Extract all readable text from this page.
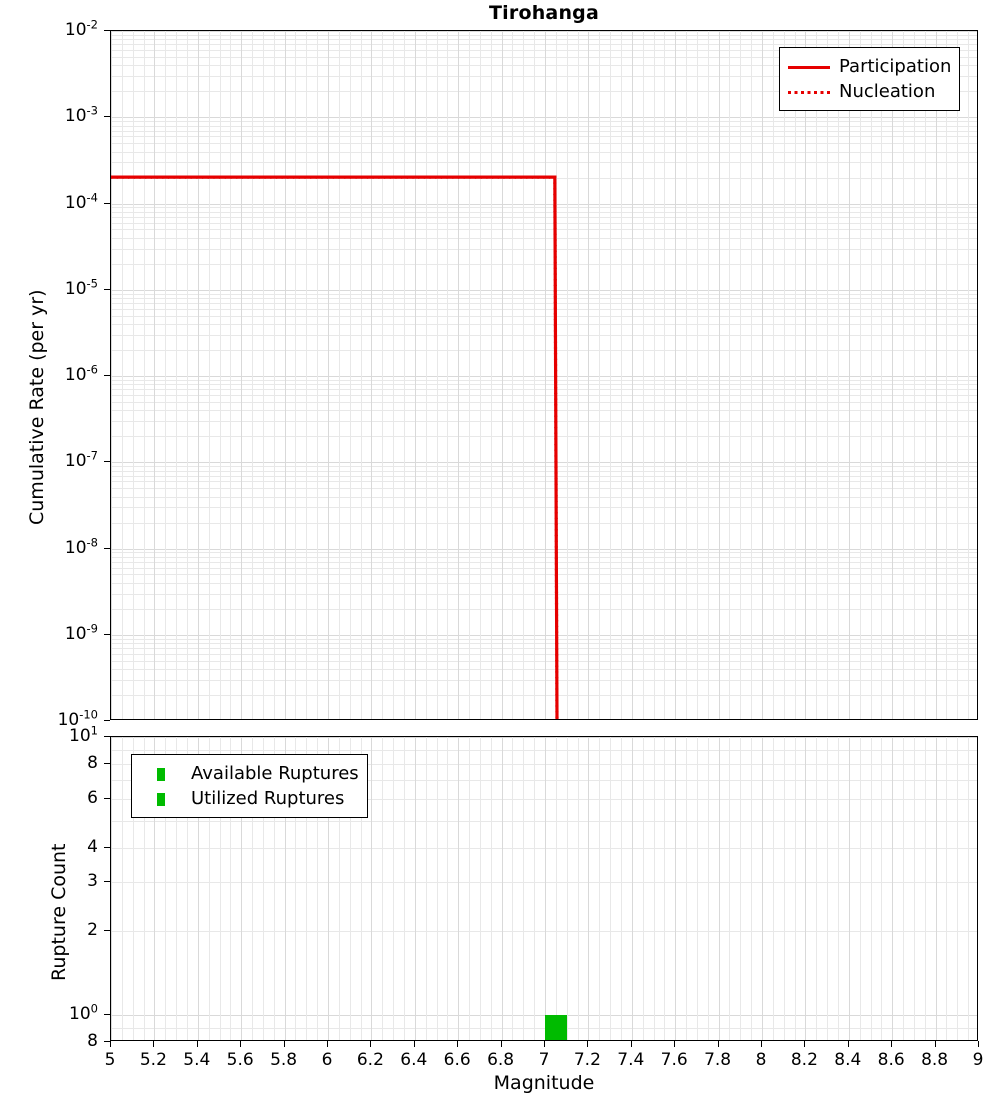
Tirohanga
Cumulative Rate (per yr)
$10^{-2}$
$10^{-3}$
$10^{-4}$
$10^{-5}$
$10^{-6}$
$10^{-7}$
$10^{-8}$
$10^{-9}$
$10^{-10}$
Participation
Nucleation
Rupture Count
$10^1$
8
6
4
3
2
$10^0$
8
5 5.2 5.4 5.6 5.8 6 6.2 6.4 6.6 6.8 7 7.2 7.4 7.6 7.8 8 8.2 8.4 8.6 8.8 9
Available Ruptures
Utilized Ruptures
Magnitude
